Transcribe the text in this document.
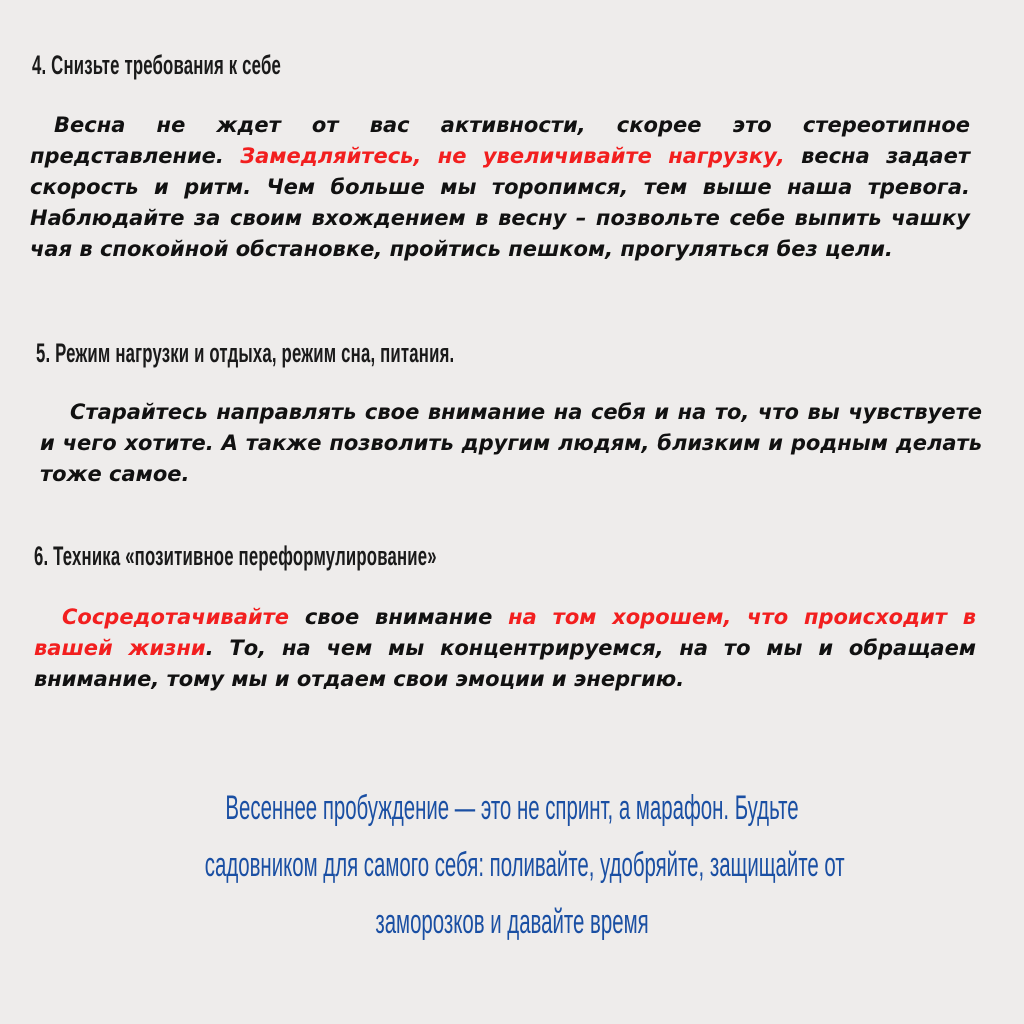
4. Снизьте требования к себе

Весна не ждет от вас активности, скорее это стереотипное представление. Замедляйтесь, не увеличивайте нагрузку, весна задает скорость и ритм. Чем больше мы торопимся, тем выше наша тревога. Наблюдайте за своим вхождением в весну – позвольте себе выпить чашку чая в спокойной обстановке, пройтись пешком, прогуляться без цели.

5. Режим нагрузки и отдыха, режим сна, питания.

Старайтесь направлять свое внимание на себя и на то, что вы чувствуете и чего хотите. А также позволить другим людям, близким и родным делать тоже самое.

6. Техника «позитивное переформулирование»

Сосредотачивайте свое внимание на том хорошем, что происходит в вашей жизни. То, на чем мы концентрируемся, на то мы и обращаем внимание, тому мы и отдаем свои эмоции и энергию.

Весеннее пробуждение — это не спринт, а марафон. Будьте
садовником для самого себя: поливайте, удобряйте, защищайте от
заморозков и давайте время
